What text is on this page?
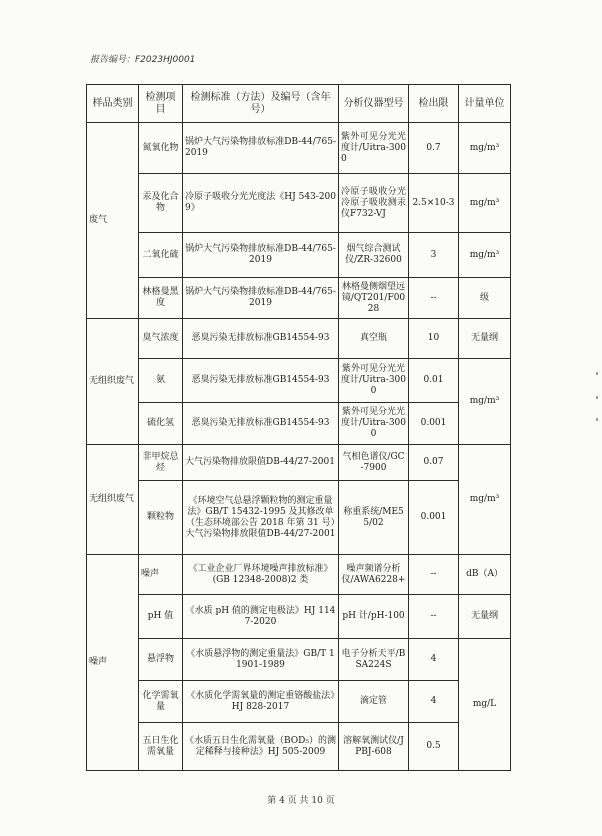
报告编号：F2023HJ0001
样品类别	检测项目	检测标准（方法）及编号（含年号）	分析仪器型号	检出限	计量单位
废气	氮氧化物	锅炉大气污染物排放标准DB-44/765-2019	紫外可见分光光度计/Uitra-3000	0.7	mg/m³
	汞及化合物	冷原子吸收分光光度法《HJ 543-2009》	冷原子吸收分光冷原子吸收测汞仪F732-VJ	2.5×10-3	mg/m³
	二氧化硫	锅炉大气污染物排放标准DB-44/765-2019	烟气综合测试仪/ZR-32600	3	mg/m³
	林格曼黑度	锅炉大气污染物排放标准DB-44/765-2019	林格曼侧烟望远镜/QT201/F0028	--	级
无组织废气	臭气浓度	恶臭污染无排放标准GB14554-93	真空瓶	10	无量纲
	氨	恶臭污染无排放标准GB14554-93	紫外可见分光光度计/Uitra-3000	0.01	mg/m³
	硫化氢	恶臭污染无排放标准GB14554-93	紫外可见分光光度计/Uitra-3000	0.001	
无组织废气	非甲烷总烃	大气污染物排放限值DB-44/27-2001	气相色谱仪/GC-7900	0.07	mg/m³
	颗粒物	《环境空气总悬浮颗粒物的测定重量法》GB/T 15432-1995 及其修改单（生态环境部公告 2018 年第 31 号）大气污染物排放限值DB-44/27-2001	称重系统/ME55/02	0.001	
噪声	噪声	《工业企业厂界环境噪声排放标准》(GB 12348-2008)2 类	噪声频谱分析仪/AWA6228+	--	dB（A）
	pH 值	《水质 pH 值的测定电极法》HJ 1147-2020	pH 计/pH-100	--	无量纲
	悬浮物	《水质悬浮物的测定重量法》GB/T 11901-1989	电子分析天平/BSA224S	4	mg/L
	化学需氧量	《水质化学需氧量的测定重铬酸盐法》HJ 828-2017	滴定管	4	
	五日生化需氧量	《水质五日生化需氧量（BOD₅）的测定稀释与接种法》HJ 505-2009	溶解氧测试仪/JPBJ-608	0.5	
第 4 页 共 10 页
